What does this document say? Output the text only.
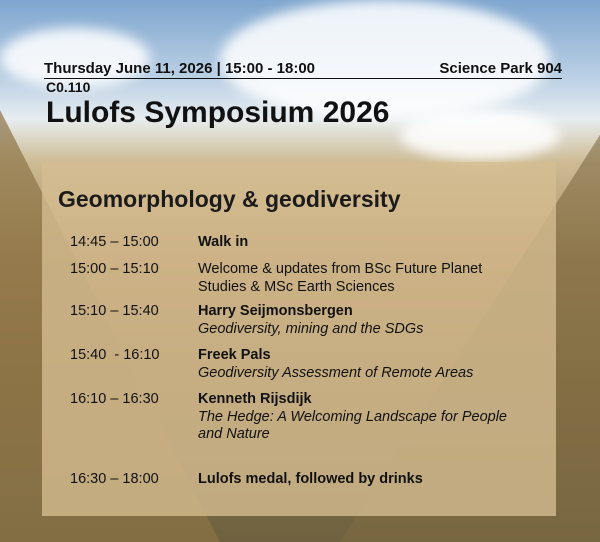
Thursday June 11, 2026 | 15:00 - 18:00	Science Park 904
C0.110
Lulofs Symposium 2026
Geomorphology & geodiversity
14:45 – 15:00	Walk in
15:00 – 15:10	Welcome & updates from BSc Future Planet
Studies & MSc Earth Sciences
15:10 – 15:40	Harry Seijmonsbergen
Geodiversity, mining and the SDGs
15:40  - 16:10	Freek Pals
Geodiversity Assessment of Remote Areas
16:10 – 16:30	Kenneth Rijsdijk
The Hedge: A Welcoming Landscape for People
and Nature
16:30 – 18:00	Lulofs medal, followed by drinks
